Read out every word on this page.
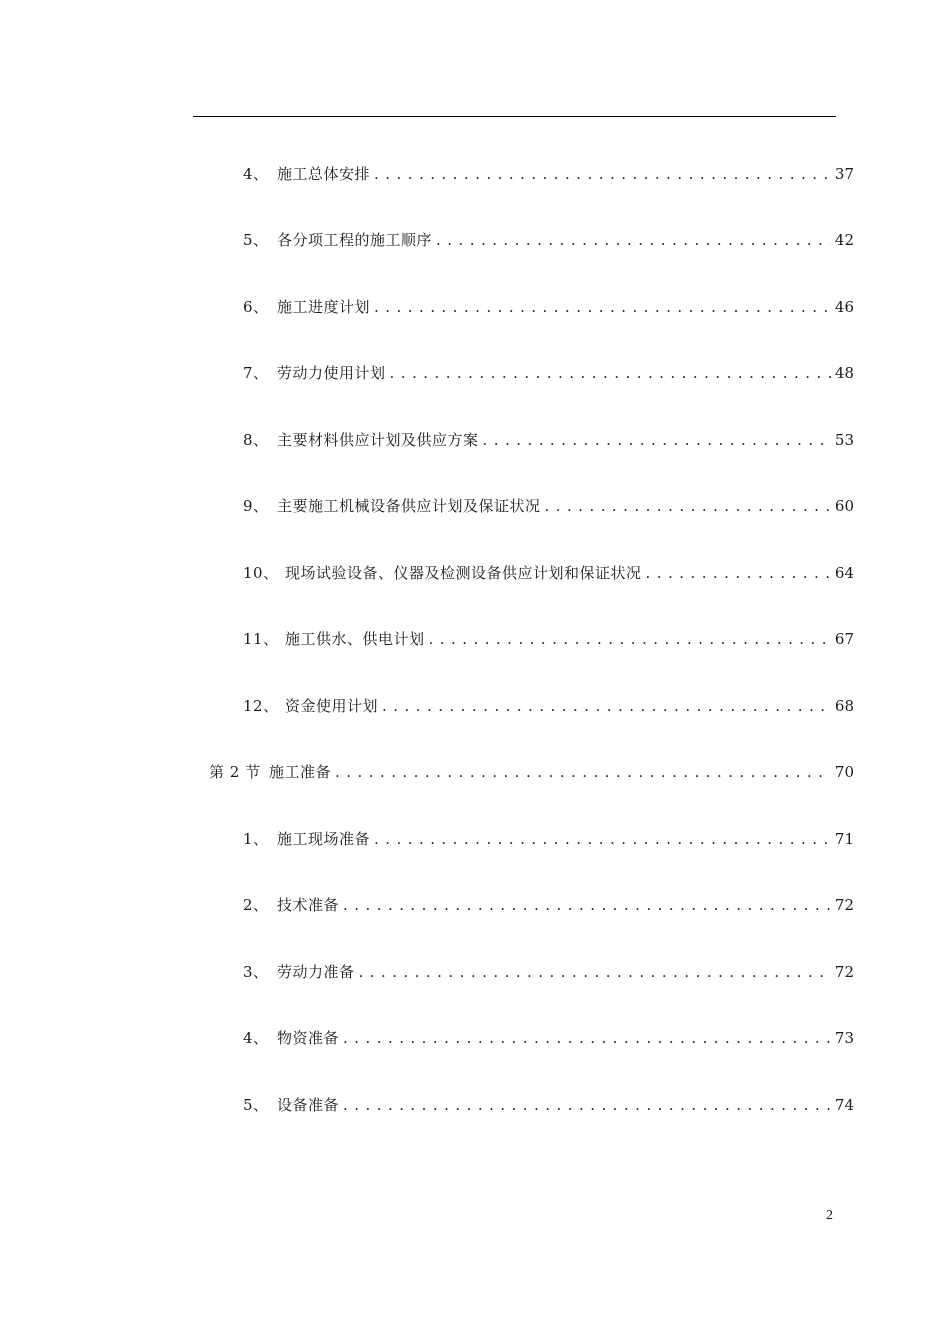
4、 施工总体安排 . . .	37
5、 各分项工程的施工顺序 . . .	42
6、 施工进度计划 . . .	46
7、 劳动力使用计划 . . .	48
8、 主要材料供应计划及供应方案 . . .	53
9、 主要施工机械设备供应计划及保证状况 . . .	60
10、 现场试验设备、仪器及检测设备供应计划和保证状况 . . .	64
11、 施工供水、供电计划 . . .	67
12、 资金使用计划 . . .	68
第 2 节 施工准备 . . .	70
1、 施工现场准备 . . .	71
2、 技术准备 . . .	72
3、 劳动力准备 . . .	72
4、 物资准备 . . .	73
5、 设备准备 . . .	74
2
